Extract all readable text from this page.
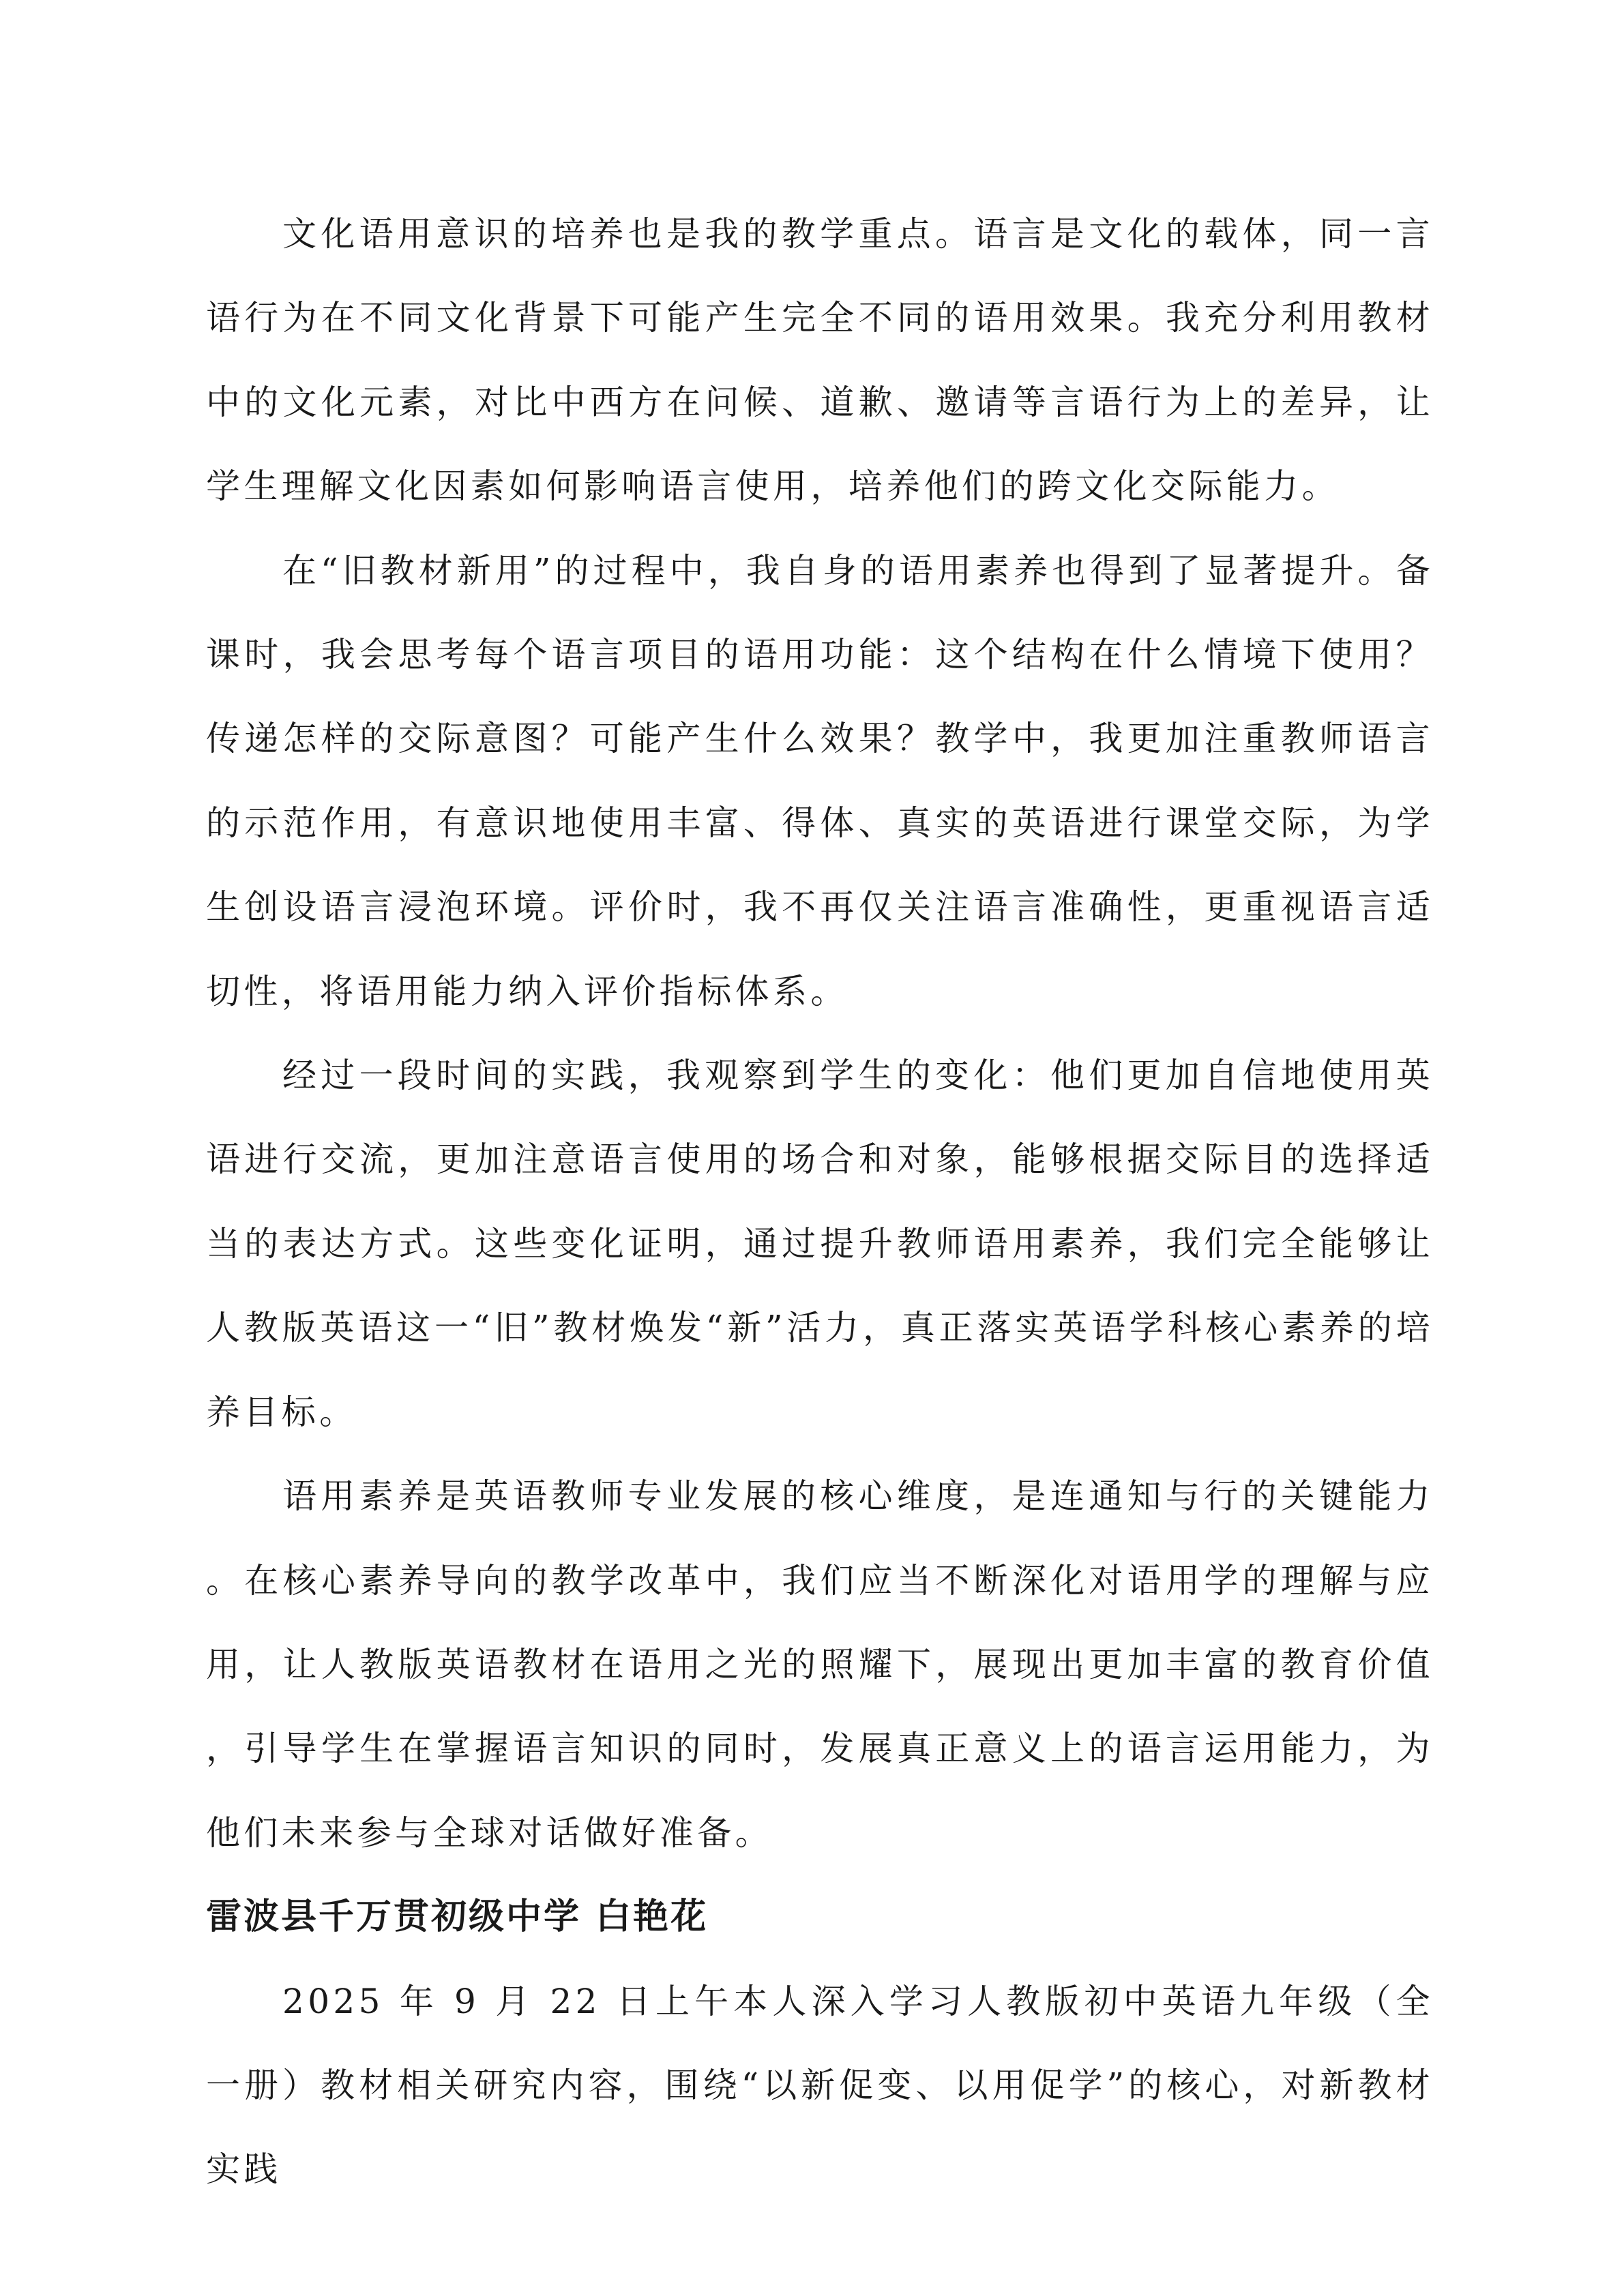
文化语用意识的培养也是我的教学重点。语言是文化的载体，同一言语行为在不同文化背景下可能产生完全不同的语用效果。我充分利用教材中的文化元素，对比中西方在问候、道歉、邀请等言语行为上的差异，让学生理解文化因素如何影响语言使用，培养他们的跨文化交际能力。

在“旧教材新用”的过程中，我自身的语用素养也得到了显著提升。备课时，我会思考每个语言项目的语用功能：这个结构在什么情境下使用？传递怎样的交际意图？可能产生什么效果？教学中，我更加注重教师语言的示范作用，有意识地使用丰富、得体、真实的英语进行课堂交际，为学生创设语言浸泡环境。评价时，我不再仅关注语言准确性，更重视语言适切性，将语用能力纳入评价指标体系。

经过一段时间的实践，我观察到学生的变化：他们更加自信地使用英语进行交流，更加注意语言使用的场合和对象，能够根据交际目的选择适当的表达方式。这些变化证明，通过提升教师语用素养，我们完全能够让人教版英语这一“旧”教材焕发“新”活力，真正落实英语学科核心素养的培养目标。

语用素养是英语教师专业发展的核心维度，是连通知与行的关键能力。在核心素养导向的教学改革中，我们应当不断深化对语用学的理解与应用，让人教版英语教材在语用之光的照耀下，展现出更加丰富的教育价值，引导学生在掌握语言知识的同时，发展真正意义上的语言运用能力，为他们未来参与全球对话做好准备。

雷波县千万贯初级中学 白艳花

2025 年 9 月 22 日上午本人深入学习人教版初中英语九年级（全一册）教材相关研究内容，围绕“以新促变、以用促学”的核心，对新教材实践
